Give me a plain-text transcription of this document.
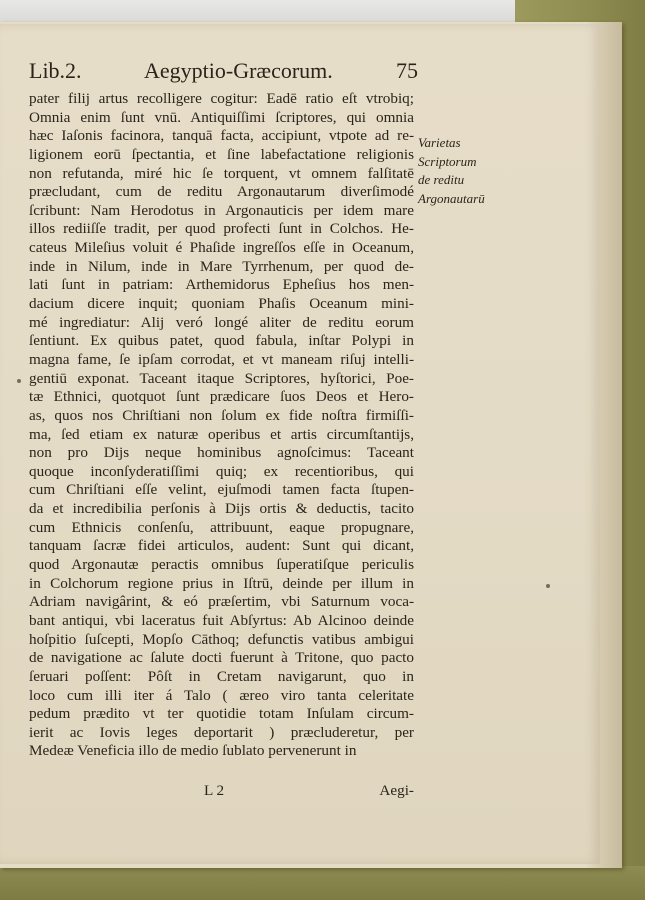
Lib.2.	Aegyptio-Græcorum.	75
pater filij artus recolligere cogitur: Eadē ratio eſt vtrobiq;
Omnia enim ſunt vnū. Antiquiſſimi ſcriptores, qui omnia
hæc Iaſonis facinora, tanquā facta, accipiunt, vtpote ad re-
ligionem eorū ſpectantia, et ſine labefactatione religionis
non refutanda, miré hic ſe torquent, vt omnem falſitatē
præcludant, cum de reditu Argonautarum diverſimodé
ſcribunt: Nam Herodotus in Argonauticis per idem mare
illos rediiſſe tradit, per quod profecti ſunt in Colchos. He-
cateus Mileſius voluit é Phaſide ingreſſos eſſe in Oceanum,
inde in Nilum, inde in Mare Tyrrhenum, per quod de-
lati ſunt in patriam: Arthemidorus Epheſius hos men-
dacium dicere inquit; quoniam Phaſis Oceanum mini-
mé ingrediatur: Alij veró longé aliter de reditu eorum
ſentiunt. Ex quibus patet, quod fabula, inſtar Polypi in
magna fame, ſe ipſam corrodat, et vt maneam riſuj intelli-
gentiū exponat. Taceant itaque Scriptores, hyſtorici, Poe-
tæ Ethnici, quotquot ſunt prædicare ſuos Deos et Hero-
as, quos nos Chriſtiani non ſolum ex fide noſtra firmiſſi-
ma, ſed etiam ex naturæ operibus et artis circumſtantijs,
non pro Dijs neque hominibus agnoſcimus: Taceant
quoque inconſyderatiſſimi quiq; ex recentioribus, qui
cum Chriſtiani eſſe velint, ejuſmodi tamen facta ſtupen-
da et incredibilia perſonis à Dijs ortis & deductis, tacito
cum Ethnicis conſenſu, attribuunt, eaque propugnare,
tanquam ſacræ fidei articulos, audent: Sunt qui dicant,
quod Argonautæ peractis omnibus ſuperatiſque periculis
in Colchorum regione prius in Iſtrū, deinde per illum in
Adriam navigârint, & eó præſertim, vbi Saturnum voca-
bant antiqui, vbi laceratus fuit Abſyrtus: Ab Alcinoo deinde
hoſpitio ſuſcepti, Mopſo Cāthoq; defunctis vatibus ambigui
de navigatione ac ſalute docti fuerunt à Tritone, quo pacto
ſeruari poſſent: Pôſt in Cretam navigarunt, quo in
loco cum illi iter á Talo ( æreo viro tanta celeritate
pedum prædito vt ter quotidie totam Inſulam circum-
ierit ac Iovis leges deportarit ) præcluderetur, per
Medeæ Veneficia illo de medio ſublato pervenerunt in
Varietas
Scriptorum
de reditu
Argonautarū
L 2	Aegi-
